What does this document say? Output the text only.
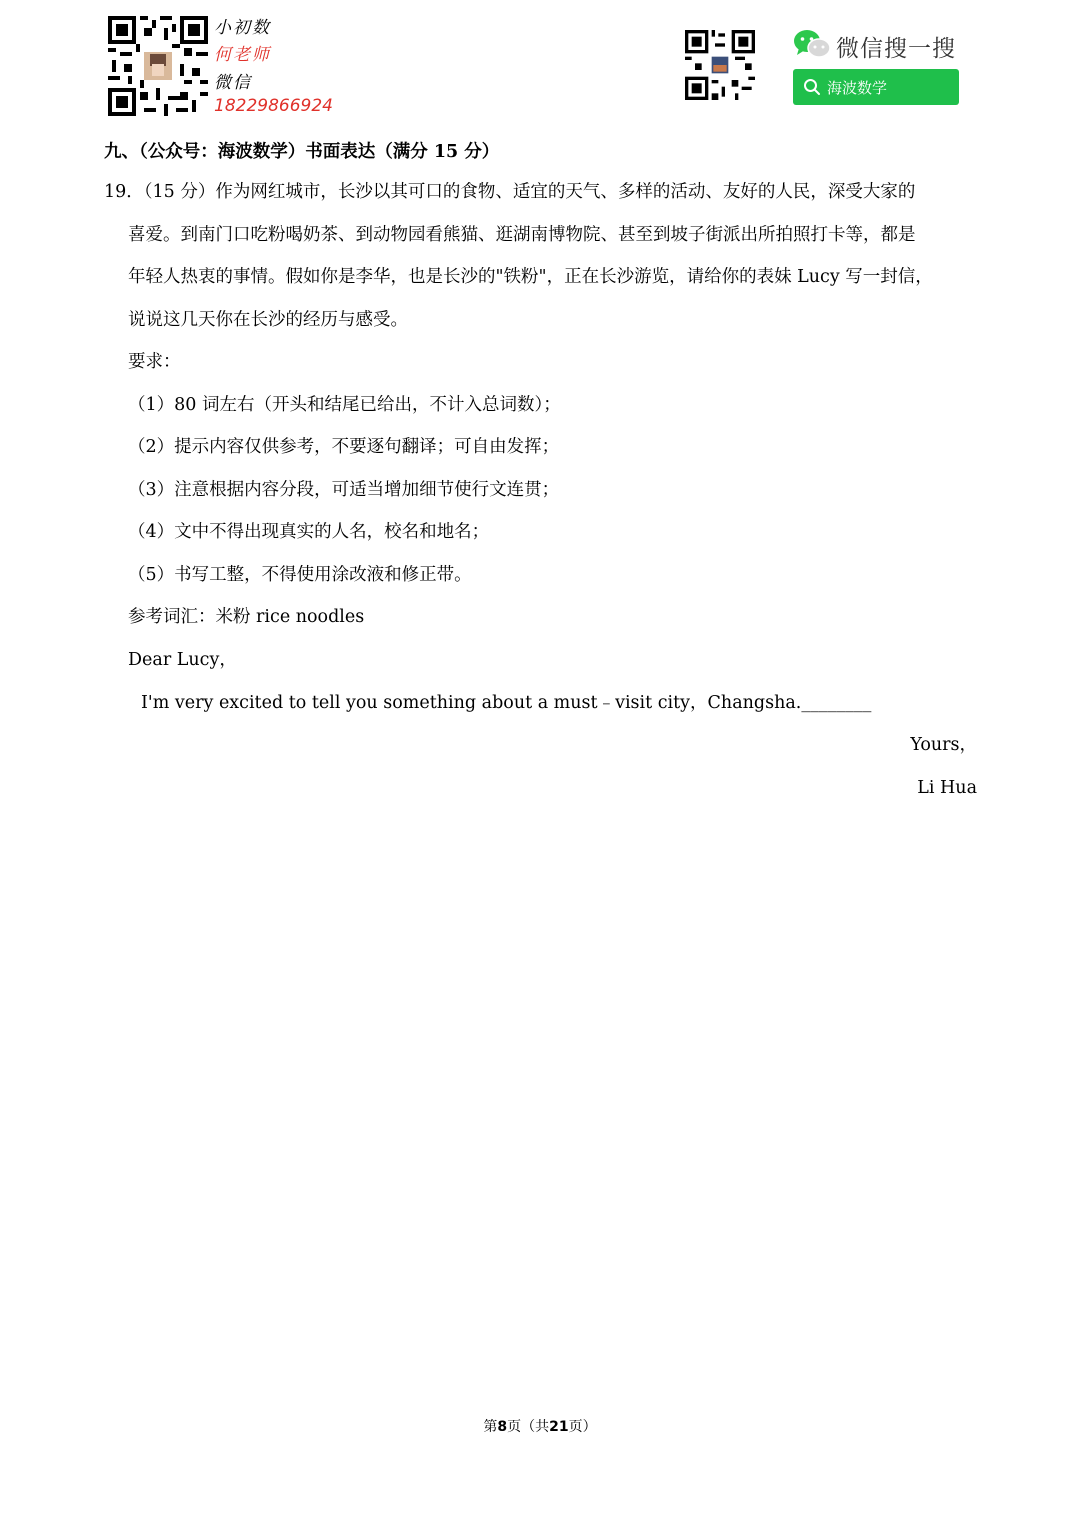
小初数
何老师
微信
18229866924
微信搜一搜
海波数学
九、（公众号：海波数学）书面表达（满分 15 分）
19．（15 分）作为网红城市，长沙以其可口的食物、适宜的天气、多样的活动、友好的人民，深受大家的
喜爱。到南门口吃粉喝奶茶、到动物园看熊猫、逛湖南博物院、甚至到坡子街派出所拍照打卡等，都是
年轻人热衷的事情。假如你是李华，也是长沙的"铁粉"，正在长沙游览，请给你的表妹 Lucy 写一封信，
说说这几天你在长沙的经历与感受。
要求：
（1）80 词左右（开头和结尾已给出，不计入总词数）；
（2）提示内容仅供参考，不要逐句翻译；可自由发挥；
（3）注意根据内容分段，可适当增加细节使行文连贯；
（4）文中不得出现真实的人名，校名和地名；
（5）书写工整，不得使用涂改液和修正带。
参考词汇：米粉 rice noodles
Dear Lucy，
I'm very excited to tell you something about a must﹣visit city，Changsha.________
Yours，
Li Hua
第8页（共21页）
